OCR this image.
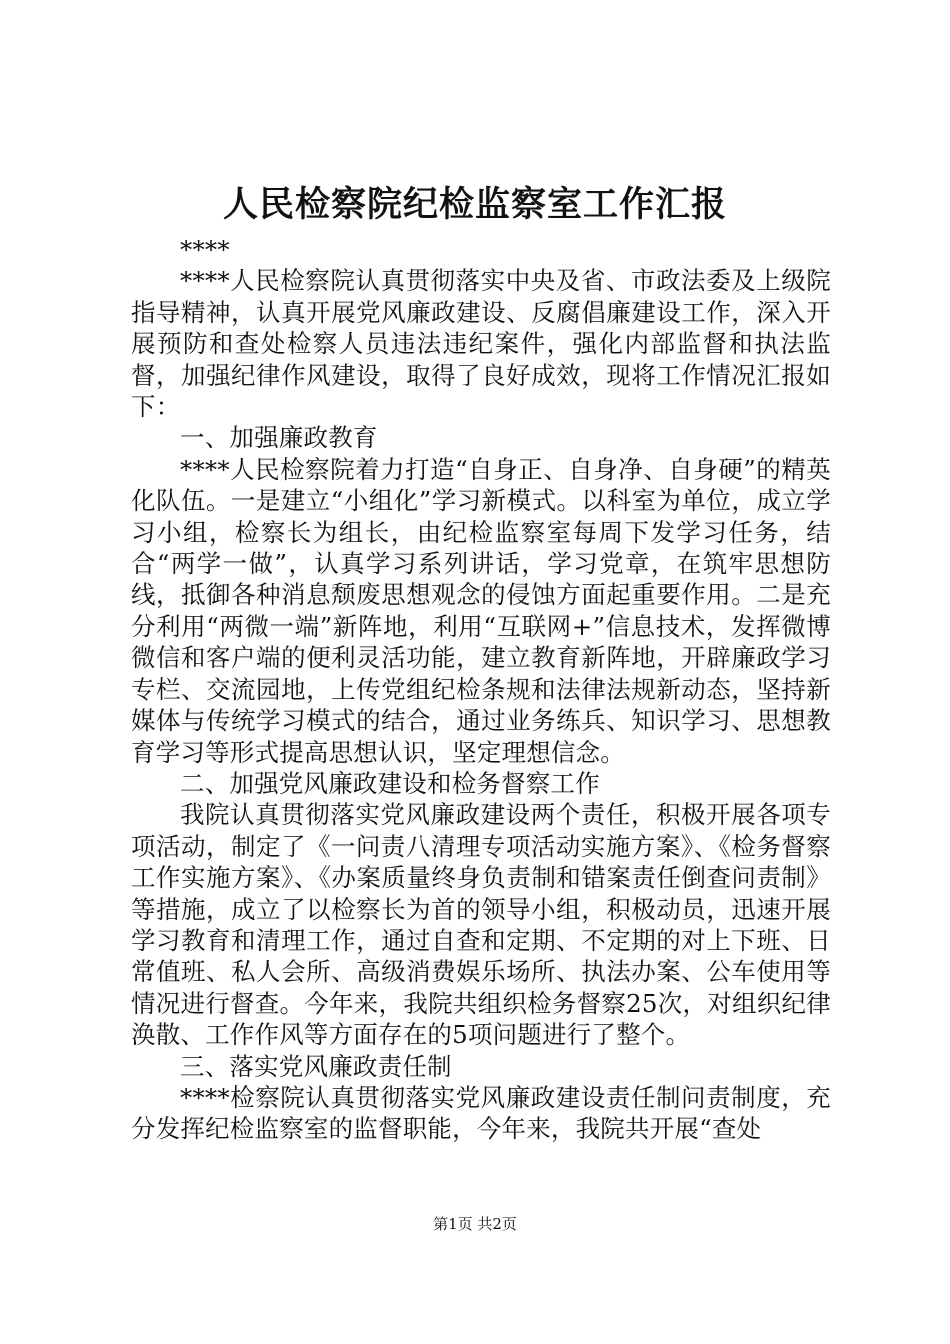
人民检察院纪检监察室工作汇报

****

****人民检察院认真贯彻落实中央及省、市政法委及上级院指导精神，认真开展党风廉政建设、反腐倡廉建设工作，深入开展预防和查处检察人员违法违纪案件，强化内部监督和执法监督，加强纪律作风建设，取得了良好成效，现将工作情况汇报如下：

一、加强廉政教育

****人民检察院着力打造“自身正、自身净、自身硬”的精英化队伍。一是建立“小组化”学习新模式。以科室为单位，成立学习小组，检察长为组长，由纪检监察室每周下发学习任务，结合“两学一做”，认真学习系列讲话，学习党章，在筑牢思想防线，抵御各种消息颓废思想观念的侵蚀方面起重要作用。二是充分利用“两微一端”新阵地，利用“互联网+”信息技术，发挥微博微信和客户端的便利灵活功能，建立教育新阵地，开辟廉政学习专栏、交流园地，上传党组纪检条规和法律法规新动态，坚持新媒体与传统学习模式的结合，通过业务练兵、知识学习、思想教育学习等形式提高思想认识，坚定理想信念。

二、加强党风廉政建设和检务督察工作

我院认真贯彻落实党风廉政建设两个责任，积极开展各项专项活动，制定了《一问责八清理专项活动实施方案》、《检务督察工作实施方案》、《办案质量终身负责制和错案责任倒查问责制》等措施，成立了以检察长为首的领导小组，积极动员，迅速开展学习教育和清理工作，通过自查和定期、不定期的对上下班、日常值班、私人会所、高级消费娱乐场所、执法办案、公车使用等情况进行督查。今年来，我院共组织检务督察25次，对组织纪律涣散、工作作风等方面存在的5项问题进行了整个。

三、落实党风廉政责任制

****检察院认真贯彻落实党风廉政建设责任制问责制度，充分发挥纪检监察室的监督职能，今年来，我院共开展“查处

第1页 共2页
